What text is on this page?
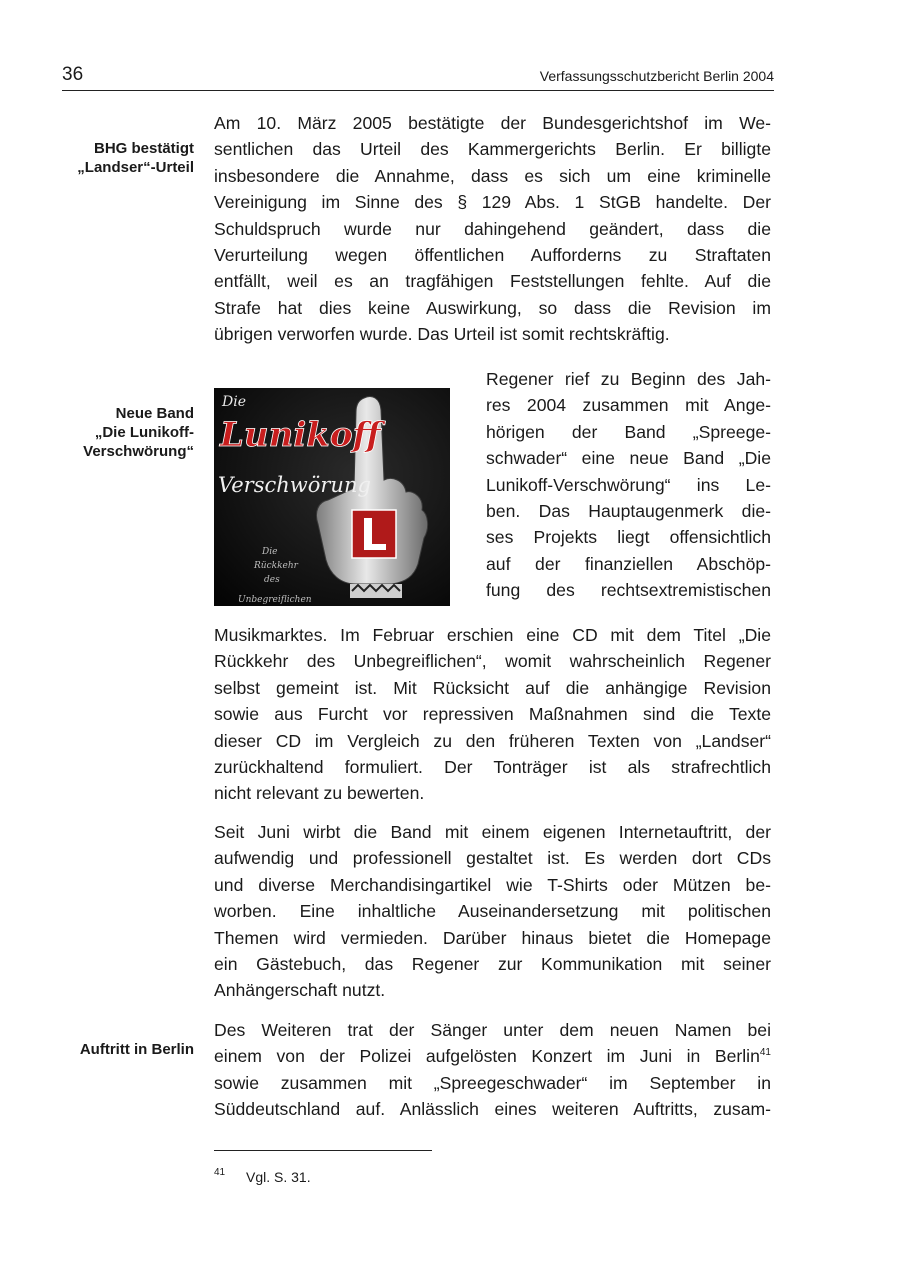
36	Verfassungsschutzbericht Berlin 2004
BHG bestätigt
„Landser“-Urteil
Neue Band
„Die Lunikoff-
Verschwörung“
Auftritt in Berlin

Am 10. März 2005 bestätigte der Bundesgerichtshof im We-
sentlichen das Urteil des Kammergerichts Berlin. Er billigte
insbesondere die Annahme, dass es sich um eine kriminelle
Vereinigung im Sinne des § 129 Abs. 1 StGB handelte. Der
Schuldspruch wurde nur dahingehend geändert, dass die
Verurteilung wegen öffentlichen Aufforderns zu Straftaten
entfällt, weil es an tragfähigen Feststellungen fehlte. Auf die
Strafe hat dies keine Auswirkung, so dass die Revision im
übrigen verworfen wurde. Das Urteil ist somit rechtskräftig.

Die
Lunikoff
Verschwörung
Die
Rückkehr
des
Unbegreiflichen

Regener rief zu Beginn des Jah-
res 2004 zusammen mit Ange-
hörigen der Band „Spreege-
schwader“ eine neue Band „Die
Lunikoff-Verschwörung“ ins Le-
ben. Das Hauptaugenmerk die-
ses Projekts liegt offensichtlich
auf der finanziellen Abschöp-
fung des rechtsextremistischen

Musikmarktes. Im Februar erschien eine CD mit dem Titel „Die
Rückkehr des Unbegreiflichen“, womit wahrscheinlich Regener
selbst gemeint ist. Mit Rücksicht auf die anhängige Revision
sowie aus Furcht vor repressiven Maßnahmen sind die Texte
dieser CD im Vergleich zu den früheren Texten von „Landser“
zurückhaltend formuliert. Der Tonträger ist als strafrechtlich
nicht relevant zu bewerten.

Seit Juni wirbt die Band mit einem eigenen Internetauftritt, der
aufwendig und professionell gestaltet ist. Es werden dort CDs
und diverse Merchandisingartikel wie T-Shirts oder Mützen be-
worben. Eine inhaltliche Auseinandersetzung mit politischen
Themen wird vermieden. Darüber hinaus bietet die Homepage
ein Gästebuch, das Regener zur Kommunikation mit seiner
Anhängerschaft nutzt.

Des Weiteren trat der Sänger unter dem neuen Namen bei
einem von der Polizei aufgelösten Konzert im Juni in Berlin$^{41}$
sowie zusammen mit „Spreegeschwader“ im September in
Süddeutschland auf. Anlässlich eines weiteren Auftritts, zusam-

41 Vgl. S. 31.
